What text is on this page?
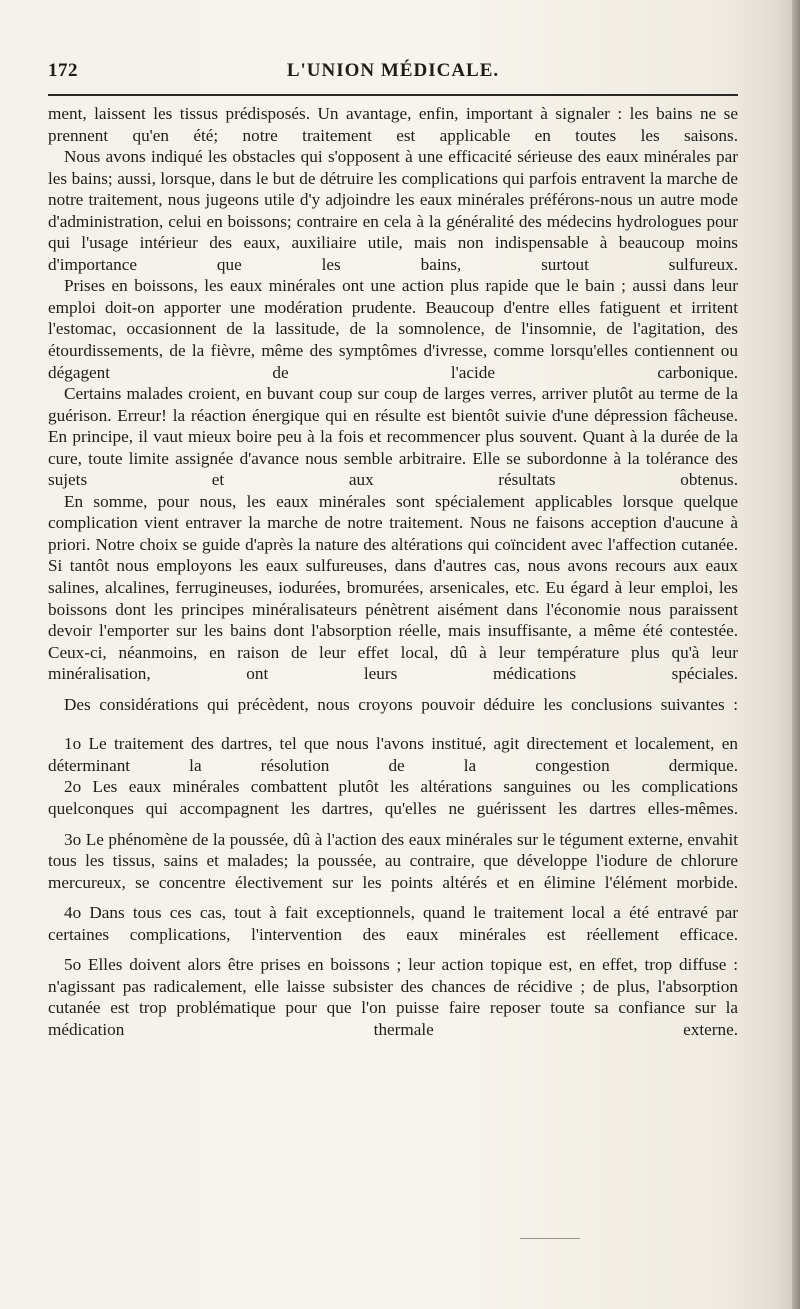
172	L'UNION MÉDICALE.

ment, laissent les tissus prédisposés. Un avantage, enfin, important à signaler : les bains ne se prennent qu'en été; notre traitement est applicable en toutes les saisons.

Nous avons indiqué les obstacles qui s'opposent à une efficacité sérieuse des eaux minérales par les bains; aussi, lorsque, dans le but de détruire les complications qui parfois entravent la marche de notre traitement, nous jugeons utile d'y adjoindre les eaux minérales préférons-nous un autre mode d'administration, celui en boissons; contraire en cela à la généralité des médecins hydrologues pour qui l'usage intérieur des eaux, auxiliaire utile, mais non indispensable à beaucoup moins d'importance que les bains, surtout sulfureux.

Prises en boissons, les eaux minérales ont une action plus rapide que le bain ; aussi dans leur emploi doit-on apporter une modération prudente. Beaucoup d'entre elles fatiguent et irritent l'estomac, occasionnent de la lassitude, de la somnolence, de l'insomnie, de l'agitation, des étourdissements, de la fièvre, même des symptômes d'ivresse, comme lorsqu'elles contiennent ou dégagent de l'acide carbonique.

Certains malades croient, en buvant coup sur coup de larges verres, arriver plutôt au terme de la guérison. Erreur! la réaction énergique qui en résulte est bientôt suivie d'une dépression fâcheuse. En principe, il vaut mieux boire peu à la fois et recommencer plus souvent. Quant à la durée de la cure, toute limite assignée d'avance nous semble arbitraire. Elle se subordonne à la tolérance des sujets et aux résultats obtenus.

En somme, pour nous, les eaux minérales sont spécialement applicables lorsque quelque complication vient entraver la marche de notre traitement. Nous ne faisons acception d'aucune à priori. Notre choix se guide d'après la nature des altérations qui coïncident avec l'affection cutanée. Si tantôt nous employons les eaux sulfureuses, dans d'autres cas, nous avons recours aux eaux salines, alcalines, ferrugineuses, iodurées, bromurées, arsenicales, etc. Eu égard à leur emploi, les boissons dont les principes minéralisateurs pénètrent aisément dans l'économie nous paraissent devoir l'emporter sur les bains dont l'absorption réelle, mais insuffisante, a même été contestée. Ceux-ci, néanmoins, en raison de leur effet local, dû à leur température plus qu'à leur minéralisation, ont leurs médications spéciales.

Des considérations qui précèdent, nous croyons pouvoir déduire les conclusions suivantes :

1o Le traitement des dartres, tel que nous l'avons institué, agit directement et localement, en déterminant la résolution de la congestion dermique.

2o Les eaux minérales combattent plutôt les altérations sanguines ou les complications quelconques qui accompagnent les dartres, qu'elles ne guérissent les dartres elles-mêmes.

3o Le phénomène de la poussée, dû à l'action des eaux minérales sur le tégument externe, envahit tous les tissus, sains et malades; la poussée, au contraire, que développe l'iodure de chlorure mercureux, se concentre électivement sur les points altérés et en élimine l'élément morbide.

4o Dans tous ces cas, tout à fait exceptionnels, quand le traitement local a été entravé par certaines complications, l'intervention des eaux minérales est réellement efficace.

5o Elles doivent alors être prises en boissons ; leur action topique est, en effet, trop diffuse : n'agissant pas radicalement, elle laisse subsister des chances de récidive ; de plus, l'absorption cutanée est trop problématique pour que l'on puisse faire reposer toute sa confiance sur la médication thermale externe.
